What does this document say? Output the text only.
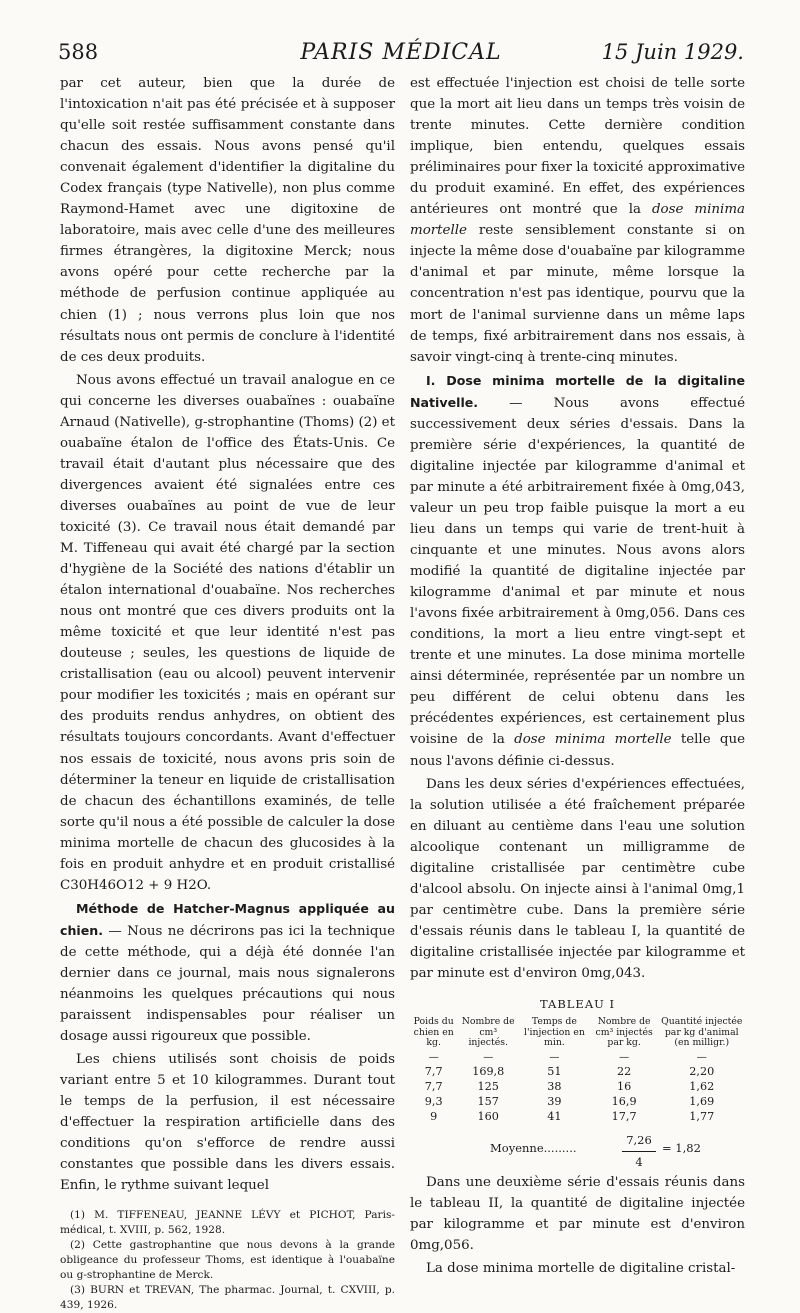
588	PARIS MÉDICAL	15 Juin 1929.

par cet auteur, bien que la durée de l'intoxication n'ait pas été précisée et à supposer qu'elle soit restée suffisamment constante dans chacun des essais. Nous avons pensé qu'il convenait également d'identifier la digitaline du Codex français (type Nativelle), non plus comme Raymond-Hamet avec une digitoxine de laboratoire, mais avec celle d'une des meilleures firmes étrangères, la digitoxine Merck; nous avons opéré pour cette recherche par la méthode de perfusion continue appliquée au chien (1) ; nous verrons plus loin que nos résultats nous ont permis de conclure à l'identité de ces deux produits.

Nous avons effectué un travail analogue en ce qui concerne les diverses ouabaïnes : ouabaïne Arnaud (Nativelle), g-strophantine (Thoms) (2) et ouabaïne étalon de l'office des États-Unis. Ce travail était d'autant plus nécessaire que des divergences avaient été signalées entre ces diverses ouabaïnes au point de vue de leur toxicité (3). Ce travail nous était demandé par M. Tiffeneau qui avait été chargé par la section d'hygiène de la Société des nations d'établir un étalon international d'ouabaïne. Nos recherches nous ont montré que ces divers produits ont la même toxicité et que leur identité n'est pas douteuse ; seules, les questions de liquide de cristallisation (eau ou alcool) peuvent intervenir pour modifier les toxicités ; mais en opérant sur des produits rendus anhydres, on obtient des résultats toujours concordants. Avant d'effectuer nos essais de toxicité, nous avons pris soin de déterminer la teneur en liquide de cristallisation de chacun des échantillons examinés, de telle sorte qu'il nous a été possible de calculer la dose minima mortelle de chacun des glucosides à la fois en produit anhydre et en produit cristallisé C30H46O12 + 9 H2O.

Méthode de Hatcher-Magnus appliquée au chien. — Nous ne décrirons pas ici la technique de cette méthode, qui a déjà été donnée l'an dernier dans ce journal, mais nous signalerons néanmoins les quelques précautions qui nous paraissent indispensables pour réaliser un dosage aussi rigoureux que possible.

Les chiens utilisés sont choisis de poids variant entre 5 et 10 kilogrammes. Durant tout le temps de la perfusion, il est nécessaire d'effectuer la respiration artificielle dans des conditions qu'on s'efforce de rendre aussi constantes que possible dans les divers essais. Enfin, le rythme suivant lequel

(1) M. TIFFENEAU, JEANNE LÉVY et PICHOT, Paris-médical, t. XVIII, p. 562, 1928.

(2) Cette gastrophantine que nous devons à la grande obligeance du professeur Thoms, est identique à l'ouabaïne ou g-strophantine de Merck.

(3) BURN et TREVAN, The pharmac. Journal, t. CXVIII, p. 439, 1926.

est effectuée l'injection est choisi de telle sorte que la mort ait lieu dans un temps très voisin de trente minutes. Cette dernière condition implique, bien entendu, quelques essais préliminaires pour fixer la toxicité approximative du produit examiné. En effet, des expériences antérieures ont montré que la dose minima mortelle reste sensiblement constante si on injecte la même dose d'ouabaïne par kilogramme d'animal et par minute, même lorsque la concentration n'est pas identique, pourvu que la mort de l'animal survienne dans un même laps de temps, fixé arbitrairement dans nos essais, à savoir vingt-cinq à trente-cinq minutes.

I. Dose minima mortelle de la digitaline Nativelle. — Nous avons effectué successivement deux séries d'essais. Dans la première série d'expériences, la quantité de digitaline injectée par kilogramme d'animal et par minute a été arbitrairement fixée à 0mg,043, valeur un peu trop faible puisque la mort a eu lieu dans un temps qui varie de trent-huit à cinquante et une minutes. Nous avons alors modifié la quantité de digitaline injectée par kilogramme d'animal et par minute et nous l'avons fixée arbitrairement à 0mg,056. Dans ces conditions, la mort a lieu entre vingt-sept et trente et une minutes. La dose minima mortelle ainsi déterminée, représentée par un nombre un peu différent de celui obtenu dans les précédentes expériences, est certainement plus voisine de la dose minima mortelle telle que nous l'avons définie ci-dessus.

Dans les deux séries d'expériences effectuées, la solution utilisée a été fraîchement préparée en diluant au centième dans l'eau une solution alcoolique contenant un milligramme de digitaline cristallisée par centimètre cube d'alcool absolu. On injecte ainsi à l'animal 0mg,1 par centimètre cube. Dans la première série d'essais réunis dans le tableau I, la quantité de digitaline cristallisée injectée par kilogramme et par minute est d'environ 0mg,043.

TABLEAU I
Poids du chien en kg.	Nombre de cm³ injectés.	Temps de l'injection en min.	Nombre de cm³ injectés par kg.	Quantité injectée par kg d'animal (en milligr.)
—	—	—	—	—
7,7	169,8	51	22	2,20
7,7	125	38	16	1,62
9,3	157	39	16,9	1,69
9	160	41	17,7	1,77
Moyenne.........	$\frac{7,26}{4} = 1,82$

Dans une deuxième série d'essais réunis dans le tableau II, la quantité de digitaline injectée par kilogramme et par minute est d'environ 0mg,056.

La dose minima mortelle de digitaline cristal-
